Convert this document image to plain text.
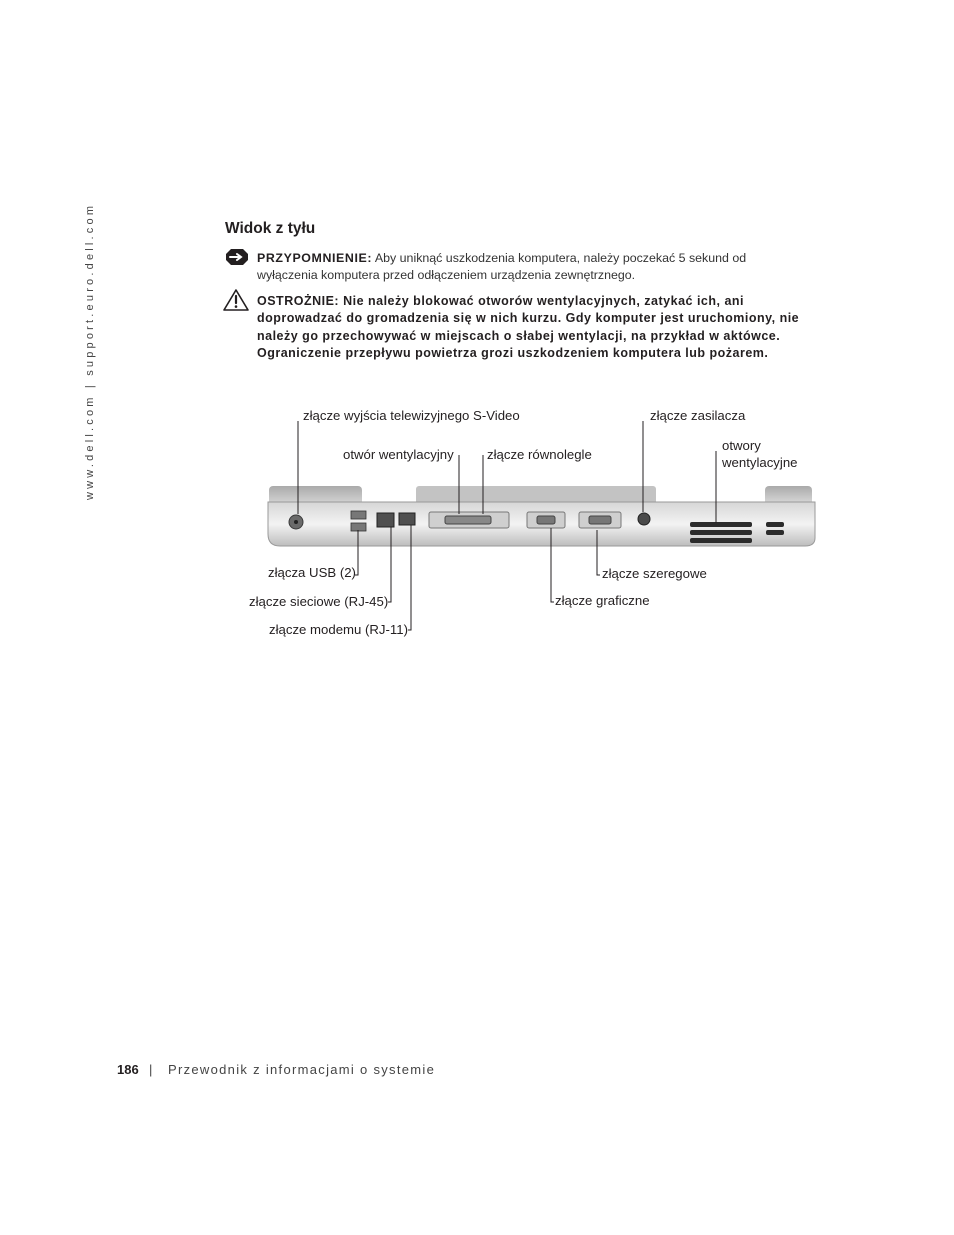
www.dell.com | support.euro.dell.com	Widok z tyłu
PRZYPOMNIENIE: Aby uniknąć uszkodzenia komputera, należy poczekać 5 sekund od wyłączenia komputera przed odłączeniem urządzenia zewnętrznego.
OSTROŻNIE: Nie należy blokować otworów wentylacyjnych, zatykać ich, ani doprowadzać do gromadzenia się w nich kurzu. Gdy komputer jest uruchomiony, nie należy go przechowywać w miejscach o słabej wentylacji, na przykład w aktówce. Ograniczenie przepływu powietrza grozi uszkodzeniem komputera lub pożarem.
złącze wyjścia telewizyjnego S-Video	złącze zasilacza
otwór wentylacyjny	złącze równolegle
otwory
wentylacyjne
złącza USB (2)	złącze szeregowe
złącze sieciowe (RJ-45)	złącze graficzne
złącze modemu (RJ-11)
186 | Przewodnik z informacjami o systemie
